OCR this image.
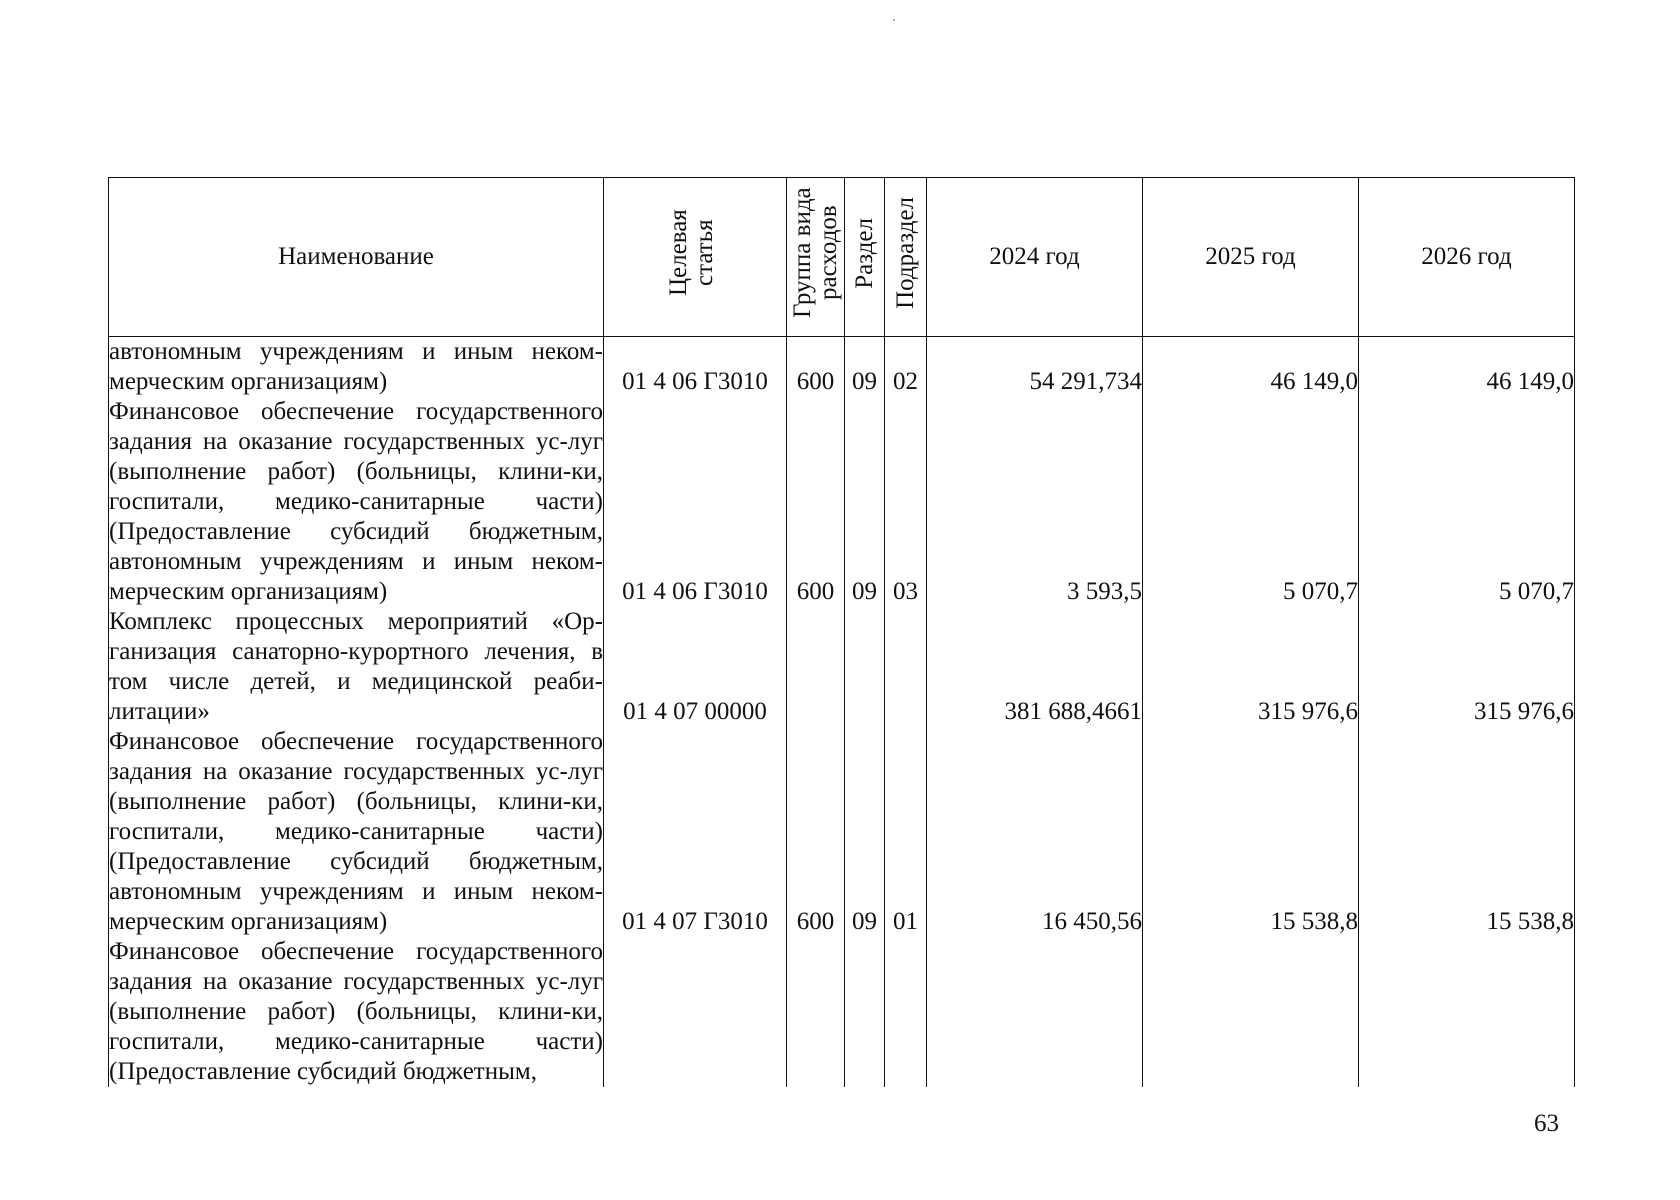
Наименование	Целевая статья	Группа вида расходов	Раздел	Подраздел	2024 год	2025 год	2026 год
автономным учреждениям и иным неком-мерческим организациям)	01 4 06 Г3010	600	09	02	54 291,734	46 149,0	46 149,0
Финансовое обеспечение государственного задания на оказание государственных ус-луг (выполнение работ) (больницы, клини-ки, госпитали, медико-санитарные части) (Предоставление субсидий бюджетным, автономным учреждениям и иным неком-мерческим организациям)	01 4 06 Г3010	600	09	03	3 593,5	5 070,7	5 070,7
Комплекс процессных мероприятий «Ор-ганизация санаторно-курортного лечения, в том числе детей, и медицинской реаби-литации»	01 4 07 00000				381 688,4661	315 976,6	315 976,6
Финансовое обеспечение государственного задания на оказание государственных ус-луг (выполнение работ) (больницы, клини-ки, госпитали, медико-санитарные части) (Предоставление субсидий бюджетным, автономным учреждениям и иным неком-мерческим организациям)	01 4 07 Г3010	600	09	01	16 450,56	15 538,8	15 538,8
Финансовое обеспечение государственного задания на оказание государственных ус-луг (выполнение работ) (больницы, клини-ки, госпитали, медико-санитарные части) (Предоставление субсидий бюджетным,							
63
